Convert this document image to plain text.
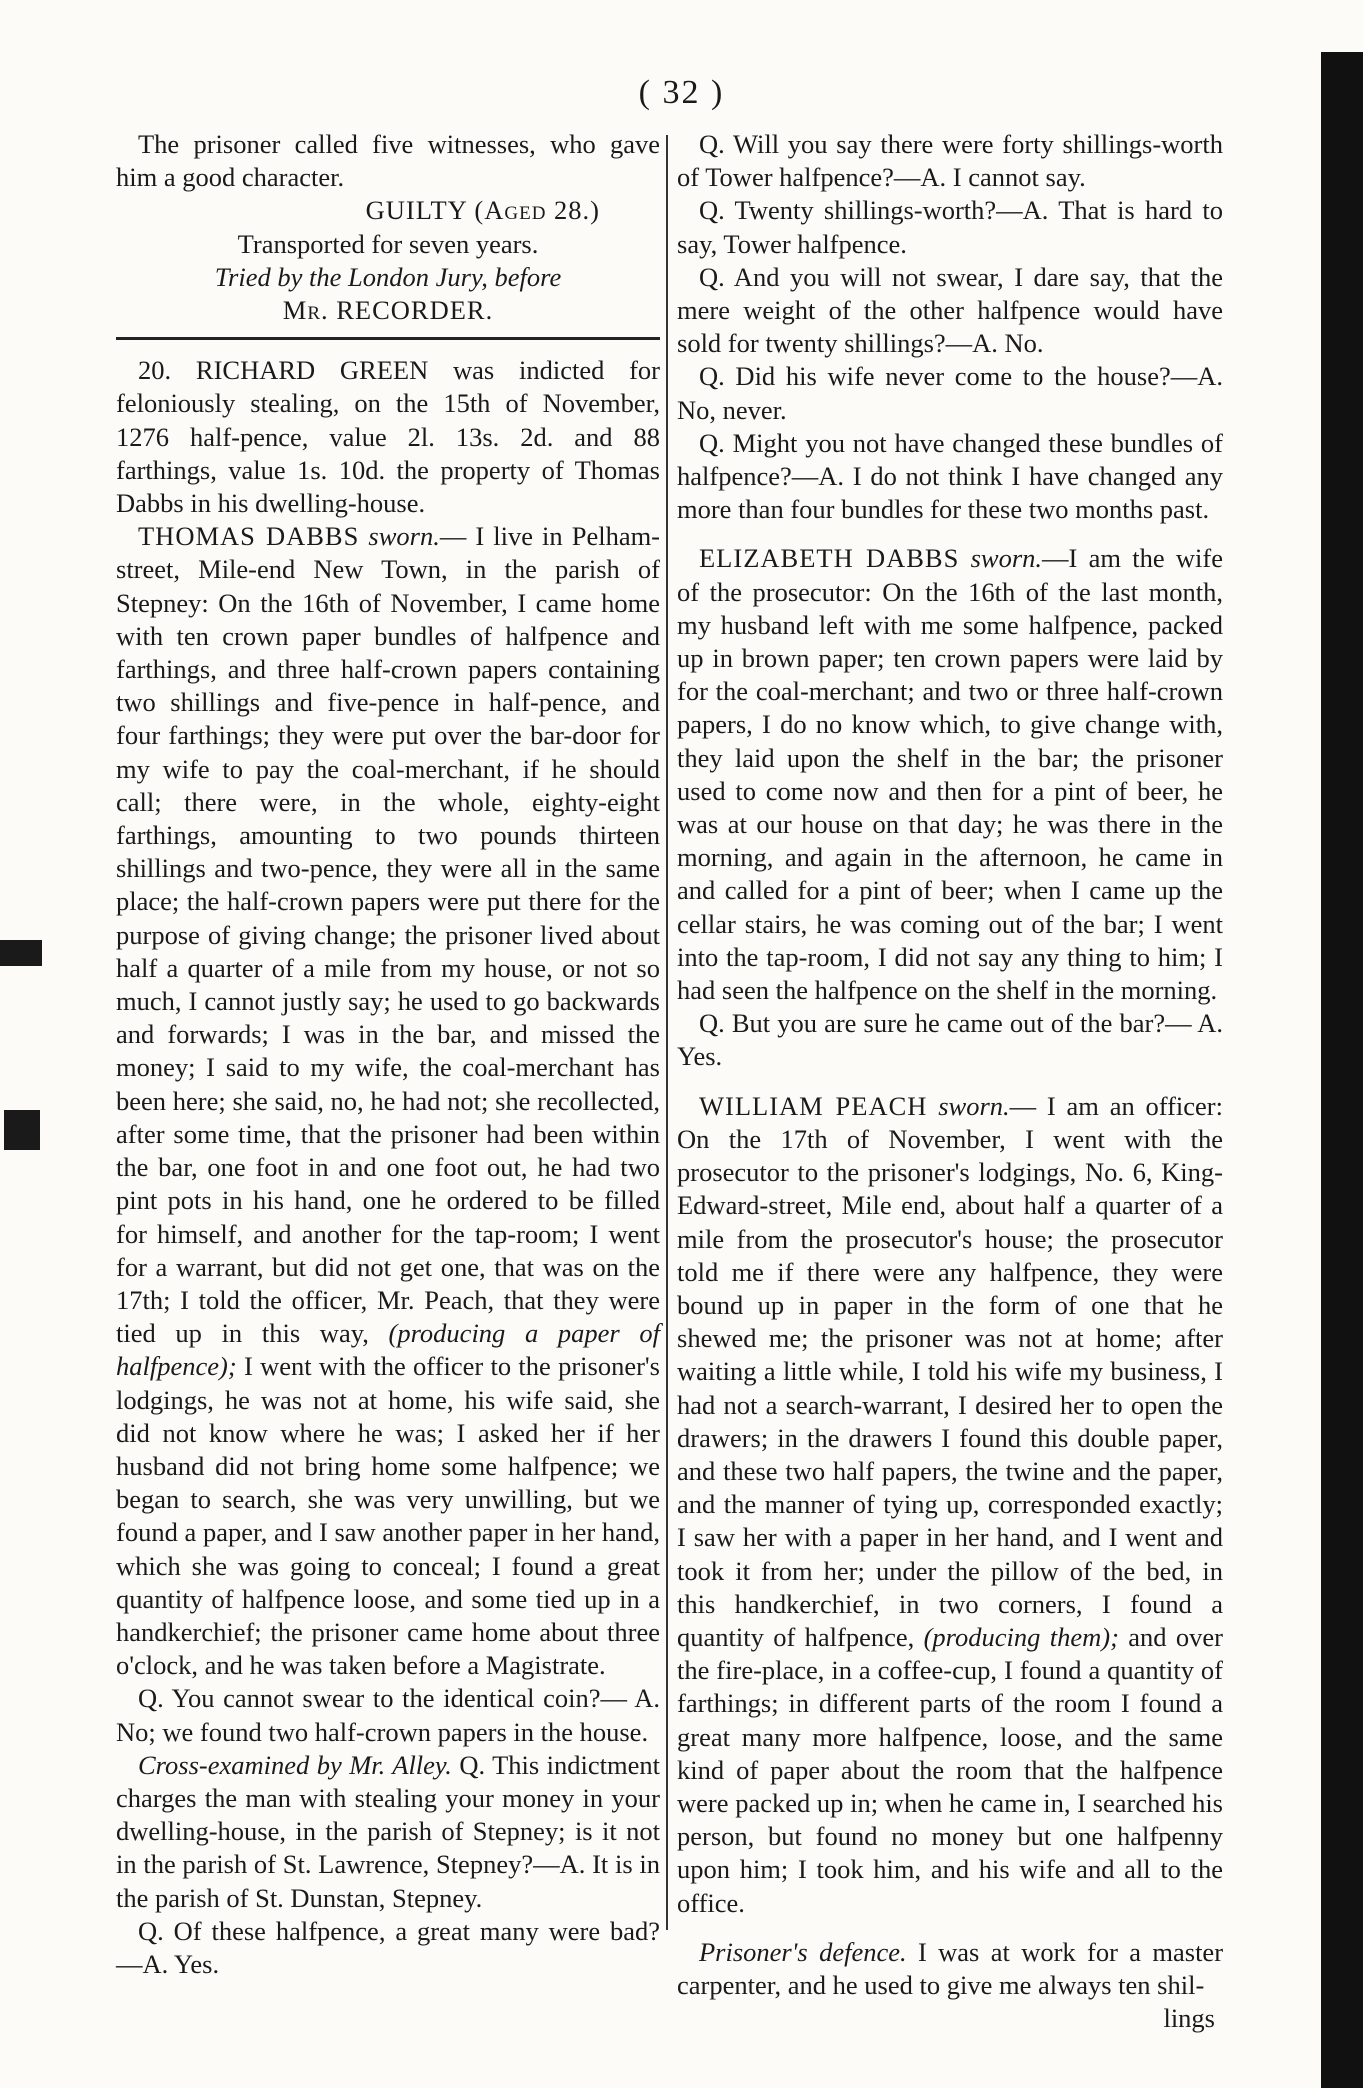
( 32 )

The prisoner called five witnesses, who gave him a good character.

GUILTY (Aged 28.)

Transported for seven years.

Tried by the London Jury, before

Mr. RECORDER.

20. RICHARD GREEN was indicted for feloniously stealing, on the 15th of November, 1276 half-pence, value 2l. 13s. 2d. and 88 farthings, value 1s. 10d. the property of Thomas Dabbs in his dwelling-house.

THOMAS DABBS sworn.— I live in Pelham-street, Mile-end New Town, in the parish of Stepney: On the 16th of November, I came home with ten crown paper bundles of halfpence and farthings, and three half-crown papers containing two shillings and five-pence in half-pence, and four farthings; they were put over the bar-door for my wife to pay the coal-merchant, if he should call; there were, in the whole, eighty-eight farthings, amounting to two pounds thirteen shillings and two-pence, they were all in the same place; the half-crown papers were put there for the purpose of giving change; the prisoner lived about half a quarter of a mile from my house, or not so much, I cannot justly say; he used to go backwards and forwards; I was in the bar, and missed the money; I said to my wife, the coal-merchant has been here; she said, no, he had not; she recollected, after some time, that the prisoner had been within the bar, one foot in and one foot out, he had two pint pots in his hand, one he ordered to be filled for himself, and another for the tap-room; I went for a warrant, but did not get one, that was on the 17th; I told the officer, Mr. Peach, that they were tied up in this way, (producing a paper of halfpence); I went with the officer to the prisoner's lodgings, he was not at home, his wife said, she did not know where he was; I asked her if her husband did not bring home some halfpence; we began to search, she was very unwilling, but we found a paper, and I saw another paper in her hand, which she was going to conceal; I found a great quantity of halfpence loose, and some tied up in a handkerchief; the prisoner came home about three o'clock, and he was taken before a Magistrate.

Q. You cannot swear to the identical coin?— A. No; we found two half-crown papers in the house.

Cross-examined by Mr. Alley. Q. This indictment charges the man with stealing your money in your dwelling-house, in the parish of Stepney; is it not in the parish of St. Lawrence, Stepney?—A. It is in the parish of St. Dunstan, Stepney.

Q. Of these halfpence, a great many were bad? —A. Yes.

Q. Will you say there were forty shillings-worth of Tower halfpence?—A. I cannot say.

Q. Twenty shillings-worth?—A. That is hard to say, Tower halfpence.

Q. And you will not swear, I dare say, that the mere weight of the other halfpence would have sold for twenty shillings?—A. No.

Q. Did his wife never come to the house?—A. No, never.

Q. Might you not have changed these bundles of halfpence?—A. I do not think I have changed any more than four bundles for these two months past.

ELIZABETH DABBS sworn.—I am the wife of the prosecutor: On the 16th of the last month, my husband left with me some halfpence, packed up in brown paper; ten crown papers were laid by for the coal-merchant; and two or three half-crown papers, I do no know which, to give change with, they laid upon the shelf in the bar; the prisoner used to come now and then for a pint of beer, he was at our house on that day; he was there in the morning, and again in the afternoon, he came in and called for a pint of beer; when I came up the cellar stairs, he was coming out of the bar; I went into the tap-room, I did not say any thing to him; I had seen the halfpence on the shelf in the morning.

Q. But you are sure he came out of the bar?— A. Yes.

WILLIAM PEACH sworn.— I am an officer: On the 17th of November, I went with the prosecutor to the prisoner's lodgings, No. 6, King-Edward-street, Mile end, about half a quarter of a mile from the prosecutor's house; the prosecutor told me if there were any halfpence, they were bound up in paper in the form of one that he shewed me; the prisoner was not at home; after waiting a little while, I told his wife my business, I had not a search-warrant, I desired her to open the drawers; in the drawers I found this double paper, and these two half papers, the twine and the paper, and the manner of tying up, corresponded exactly; I saw her with a paper in her hand, and I went and took it from her; under the pillow of the bed, in this handkerchief, in two corners, I found a quantity of halfpence, (producing them); and over the fire-place, in a coffee-cup, I found a quantity of farthings; in different parts of the room I found a great many more halfpence, loose, and the same kind of paper about the room that the halfpence were packed up in; when he came in, I searched his person, but found no money but one halfpenny upon him; I took him, and his wife and all to the office.

Prisoner's defence. I was at work for a master carpenter, and he used to give me always ten shil-

lings
